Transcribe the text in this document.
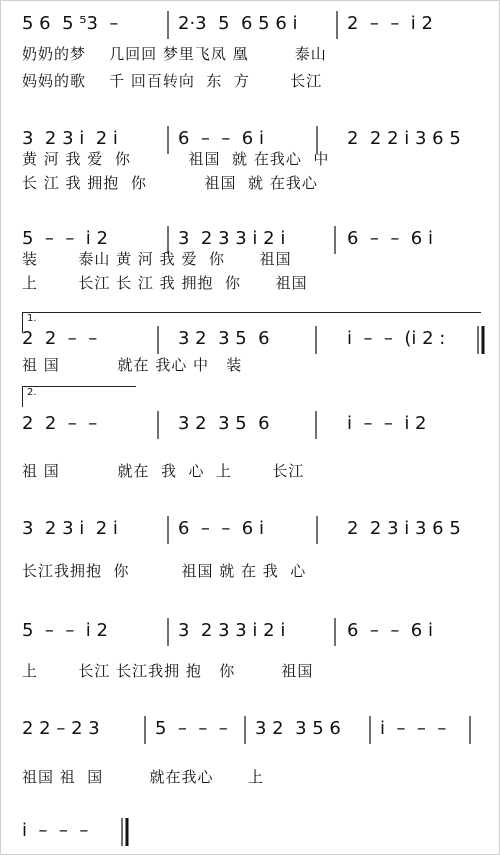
5 6  5 ⁵3  –	2·3  5  6 5 6 i	2  –  –  i 2
奶奶的梦    几回回 梦里飞凤 凰        泰山
妈妈的歌    千 回百转向  东  方       长江
3  2 3 i  2 i	6  –  –  6 i	2  2 2 i 3 6 5
黄 河 我 爱  你          祖国  就 在我心  中
长 江 我 拥抱  你          祖国  就 在我心
5  –  –  i 2	3  2 3 3 i 2 i	6  –  –  6 i
装       泰山 黄 河 我 爱  你      祖国
上       长江 长 江 我 拥抱  你      祖国
2  2  –  –	3 2  3 5  6	i  –  –  (i 2 :
祖 国          就在 我心 中   装
1.
2  2  –  –	3 2  3 5  6	i  –  –  i 2
祖 国          就在  我  心  上       长江
2.
3  2 3 i  2 i	6  –  –  6 i	2  2 3 i 3 6 5
长江我拥抱  你         祖国 就 在 我  心
5  –  –  i 2	3  2 3 3 i 2 i	6  –  –  6 i
上       长江 长江我拥 抱   你        祖国
2 2 – 2 3	5  –  –  – 3 2  3 5 6 i  –  –  –
祖国 祖  国        就在我心      上
i  –  –  –
